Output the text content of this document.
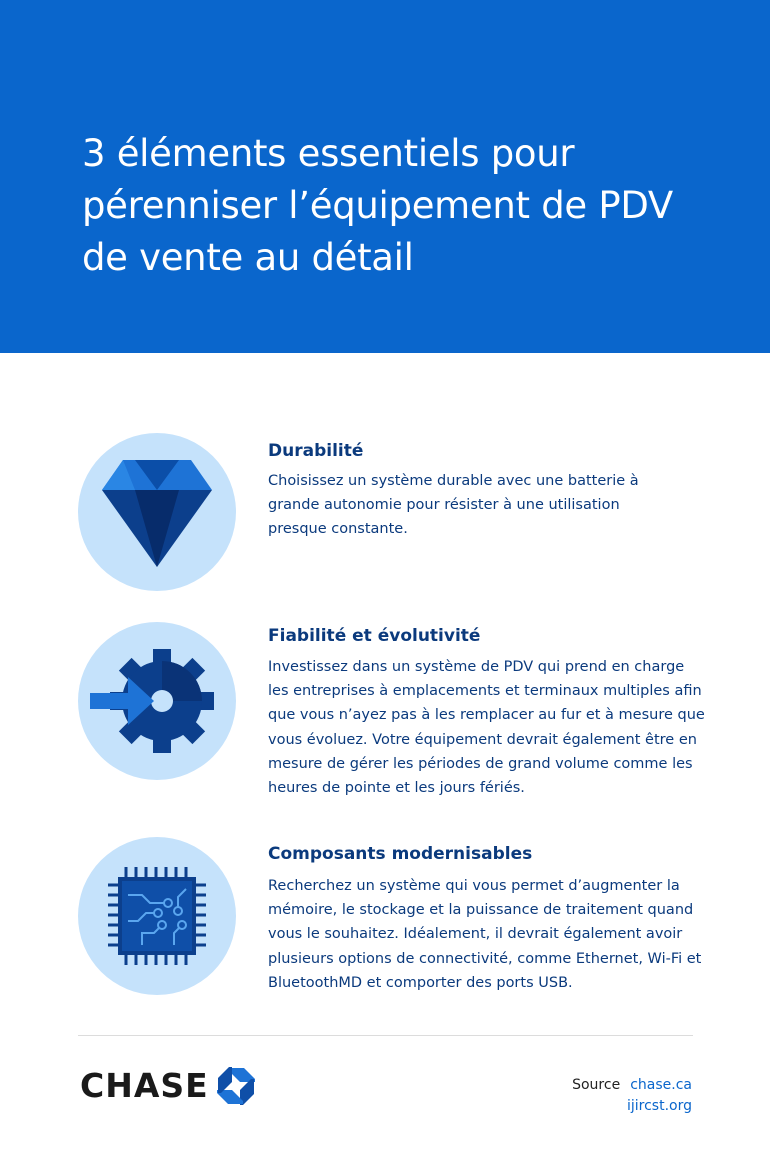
3 éléments essentiels pour
pérenniser l’équipement de PDV
de vente au détail
Durabilité

Choisissez un système durable avec une batterie à
grande autonomie pour résister à une utilisation
presque constante.

Fiabilité et évolutivité

Investissez dans un système de PDV qui prend en charge
les entreprises à emplacements et terminaux multiples afin
que vous n’ayez pas à les remplacer au fur et à mesure que
vous évoluez. Votre équipement devrait également être en
mesure de gérer les périodes de grand volume comme les
heures de pointe et les jours fériés.

Composants modernisables

Recherchez un système qui vous permet d’augmenter la
mémoire, le stockage et la puissance de traitement quand
vous le souhaitez. Idéalement, il devrait également avoir
plusieurs options de connectivité, comme Ethernet, Wi-Fi et
BluetoothMD et comporter des ports USB.

CHASE	Source chase.ca
ijircst.org
